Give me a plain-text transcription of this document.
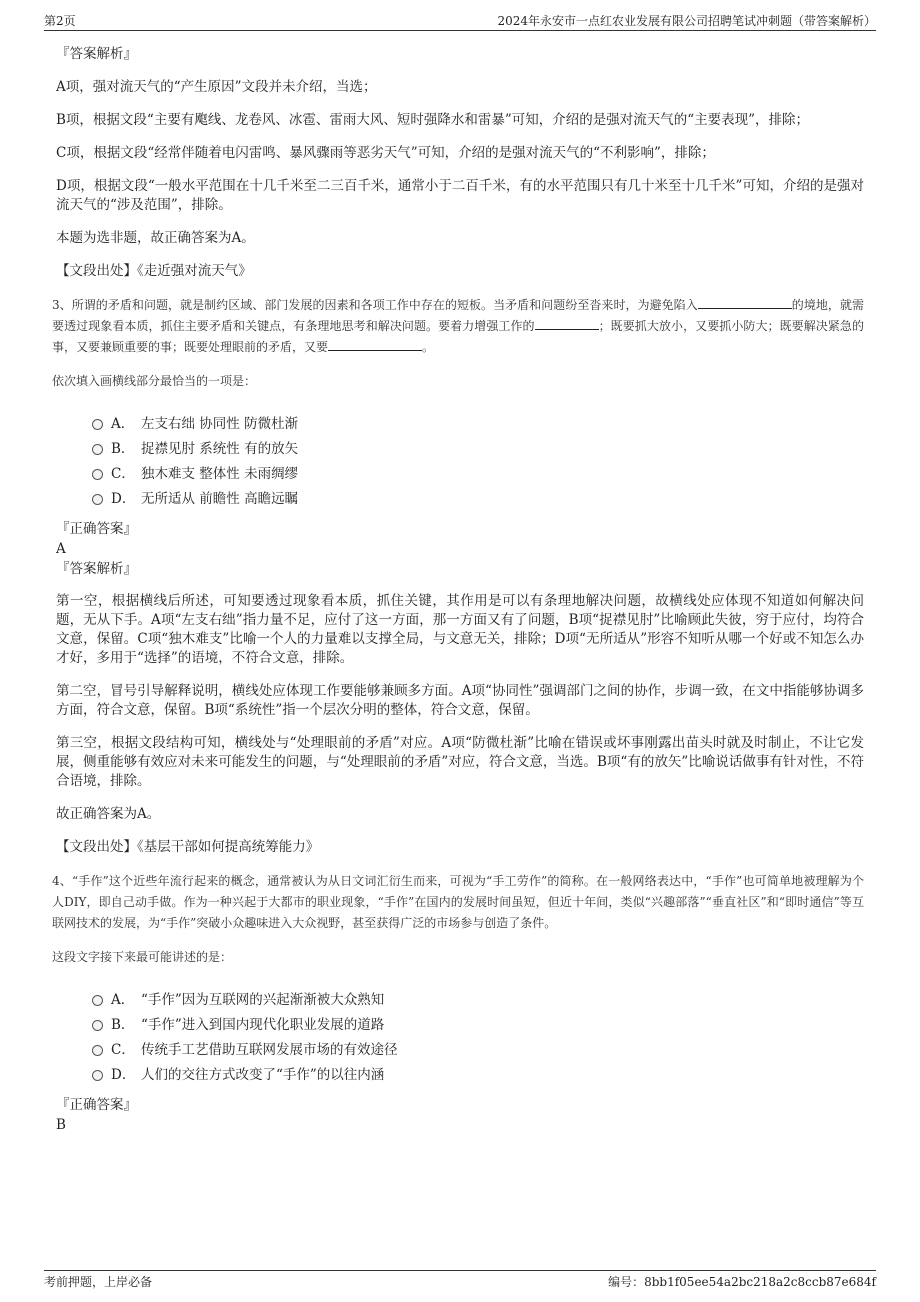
第2页	2024年永安市一点红农业发展有限公司招聘笔试冲刺题（带答案解析）
『答案解析』

A项，强对流天气的“产生原因”文段并未介绍，当选；

B项，根据文段“主要有飑线、龙卷风、冰雹、雷雨大风、短时强降水和雷暴”可知，介绍的是强对流天气的“主要表现”，排除；

C项，根据文段“经常伴随着电闪雷鸣、暴风骤雨等恶劣天气”可知，介绍的是强对流天气的“不利影响”，排除；

D项，根据文段“一般水平范围在十几千米至二三百千米，通常小于二百千米，有的水平范围只有几十米至十几千米”可知，介绍的是强对流天气的“涉及范围”，排除。

本题为选非题，故正确答案为A。

【文段出处】《走近强对流天气》

3、所谓的矛盾和问题，就是制约区域、部门发展的因素和各项工作中存在的短板。当矛盾和问题纷至沓来时，为避免陷入	的境地，就需要透过现象看本质，抓住主要矛盾和关键点，有条理地思考和解决问题。要着力增强工作的	；既要抓大放小，又要抓小防大；既要解决紧急的事，又要兼顾重要的事；既要处理眼前的矛盾，又要	。

依次填入画横线部分最恰当的一项是：

A． 左支右绌 协同性 防微杜渐
B． 捉襟见肘 系统性 有的放矢
C． 独木难支 整体性 未雨绸缪
D． 无所适从 前瞻性 高瞻远瞩
『正确答案』
A
『答案解析』

第一空，根据横线后所述，可知要透过现象看本质，抓住关键，其作用是可以有条理地解决问题，故横线处应体现不知道如何解决问题，无从下手。A项“左支右绌”指力量不足，应付了这一方面，那一方面又有了问题，B项“捉襟见肘”比喻顾此失彼，穷于应付，均符合文意，保留。C项“独木难支”比喻一个人的力量难以支撑全局，与文意无关，排除；D项“无所适从”形容不知听从哪一个好或不知怎么办才好，多用于“选择”的语境，不符合文意，排除。

第二空，冒号引导解释说明，横线处应体现工作要能够兼顾多方面。A项“协同性”强调部门之间的协作，步调一致，在文中指能够协调多方面，符合文意，保留。B项“系统性”指一个层次分明的整体，符合文意，保留。

第三空，根据文段结构可知，横线处与“处理眼前的矛盾”对应。A项“防微杜渐”比喻在错误或坏事刚露出苗头时就及时制止，不让它发展，侧重能够有效应对未来可能发生的问题，与“处理眼前的矛盾”对应，符合文意，当选。B项“有的放矢”比喻说话做事有针对性，不符合语境，排除。

故正确答案为A。

【文段出处】《基层干部如何提高统筹能力》

4、“手作”这个近些年流行起来的概念，通常被认为从日文词汇衍生而来，可视为“手工劳作”的简称。在一般网络表达中，“手作”也可简单地被理解为个人DIY，即自己动手做。作为一种兴起于大都市的职业现象，“手作”在国内的发展时间虽短，但近十年间，类似“兴趣部落”“垂直社区”和“即时通信”等互联网技术的发展，为“手作”突破小众趣味进入大众视野，甚至获得广泛的市场参与创造了条件。

这段文字接下来最可能讲述的是：

A． “手作”因为互联网的兴起渐渐被大众熟知
B． “手作”进入到国内现代化职业发展的道路
C． 传统手工艺借助互联网发展市场的有效途径
D． 人们的交往方式改变了“手作”的以往内涵
『正确答案』
B
考前押题，上岸必备	编号：8bb1f05ee54a2bc218a2c8ccb87e684f
